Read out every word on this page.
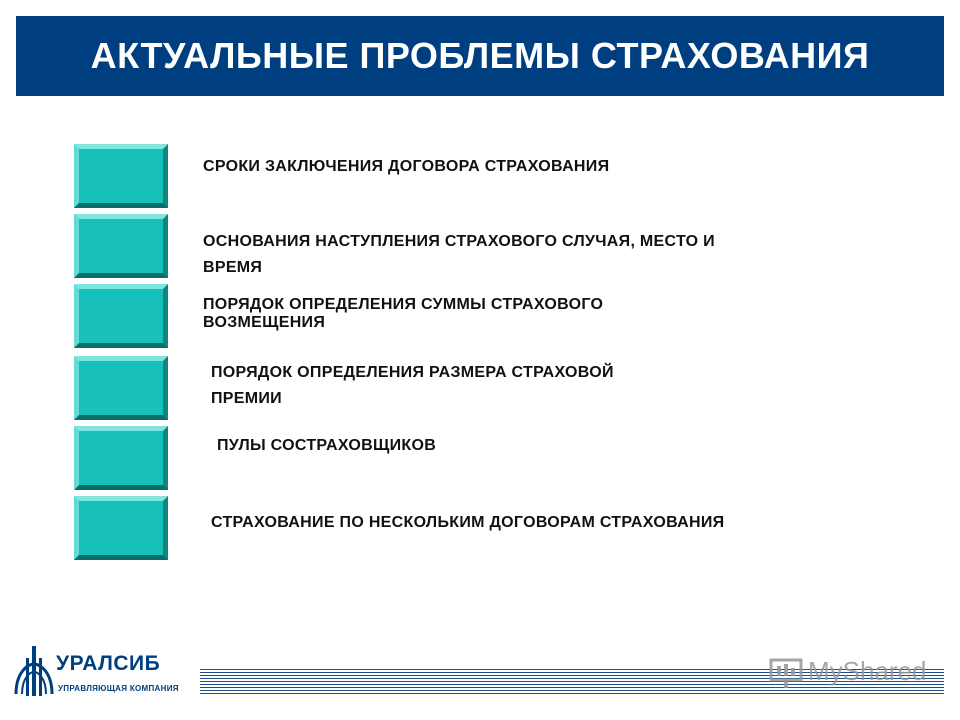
АКТУАЛЬНЫЕ ПРОБЛЕМЫ СТРАХОВАНИЯ
СРОКИ ЗАКЛЮЧЕНИЯ ДОГОВОРА СТРАХОВАНИЯ
ОСНОВАНИЯ НАСТУПЛЕНИЯ СТРАХОВОГО СЛУЧАЯ, МЕСТО И
ВРЕМЯ
ПОРЯДОК ОПРЕДЕЛЕНИЯ СУММЫ СТРАХОВОГО
ВОЗМЕЩЕНИЯ
ПОРЯДОК ОПРЕДЕЛЕНИЯ РАЗМЕРА СТРАХОВОЙ
ПРЕМИИ
ПУЛЫ СОСТРАХОВЩИКОВ
СТРАХОВАНИЕ ПО НЕСКОЛЬКИМ ДОГОВОРАМ СТРАХОВАНИЯ
УРАЛСИБ
УПРАВЛЯЮЩАЯ КОМПАНИЯ
MyShared
